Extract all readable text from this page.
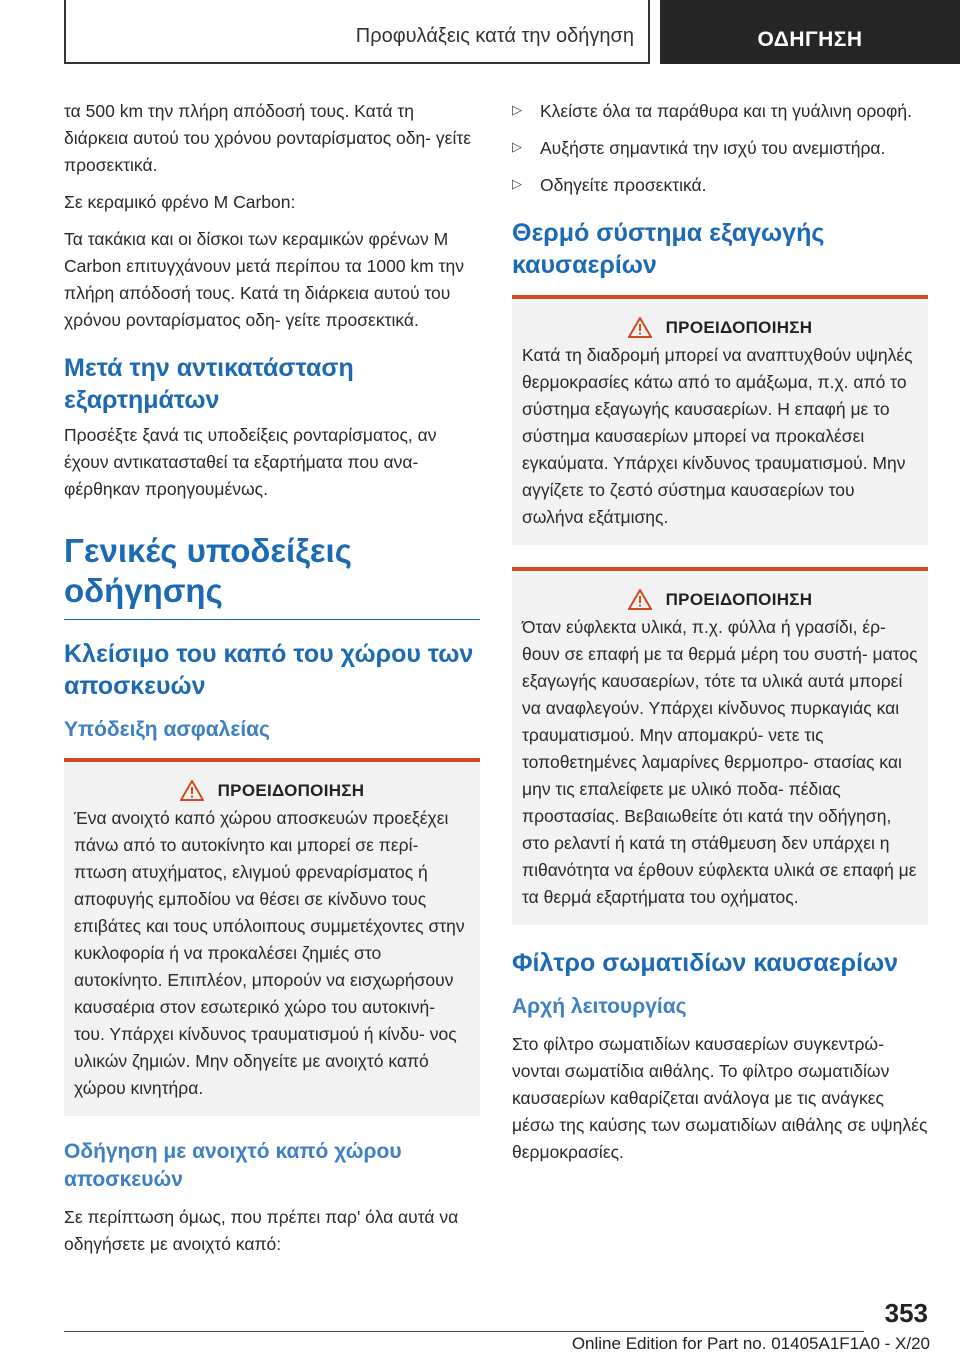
Προφυλάξεις κατά την οδήγηση	ΟΔΗΓΗΣΗ

τα 500 km την πλήρη απόδοσή τους. Κατά τη διάρκεια αυτού του χρόνου ρονταρίσματος οδη‐ γείτε προσεκτικά.

Σε κεραμικό φρένο M Carbon:

Τα τακάκια και οι δίσκοι των κεραμικών φρένων M Carbon επιτυγχάνουν μετά περίπου τα 1000 km την πλήρη απόδοσή τους. Κατά τη διάρκεια αυτού του χρόνου ρονταρίσματος οδη‐ γείτε προσεκτικά.

Μετά την αντικατάσταση εξαρτημάτων

Προσέξτε ξανά τις υποδείξεις ρονταρίσματος, αν έχουν αντικατασταθεί τα εξαρτήματα που ανα‐ φέρθηκαν προηγουμένως.

Γενικές υποδείξεις οδήγησης
Κλείσιμο του καπό του χώρου των αποσκευών
Υπόδειξη ασφαλείας
ΠΡΟΕΙΔΟΠΟΙΗΣΗ

Ένα ανοιχτό καπό χώρου αποσκευών προεξέχει πάνω από το αυτοκίνητο και μπορεί σε περί‐ πτωση ατυχήματος, ελιγμού φρεναρίσματος ή αποφυγής εμποδίου να θέσει σε κίνδυνο τους επιβάτες και τους υπόλοιπους συμμετέχοντες στην κυκλοφορία ή να προκαλέσει ζημιές στο αυτοκίνητο. Επιπλέον, μπορούν να εισχωρήσουν καυσαέρια στον εσωτερικό χώρο του αυτοκινή‐ του. Υπάρχει κίνδυνος τραυματισμού ή κίνδυ‐ νος υλικών ζημιών. Μην οδηγείτε με ανοιχτό καπό χώρου κινητήρα.

Οδήγηση με ανοιχτό καπό χώρου αποσκευών

Σε περίπτωση όμως, που πρέπει παρ' όλα αυτά να οδηγήσετε με ανοιχτό καπό:

▷	Κλείστε όλα τα παράθυρα και τη γυάλινη οροφή.

▷	Αυξήστε σημαντικά την ισχύ του ανεμιστήρα.

▷	Οδηγείτε προσεκτικά.

Θερμό σύστημα εξαγωγής καυσαερίων
ΠΡΟΕΙΔΟΠΟΙΗΣΗ

Κατά τη διαδρομή μπορεί να αναπτυχθούν υψηλές θερμοκρασίες κάτω από το αμάξωμα, π.χ. από το σύστημα εξαγωγής καυσαερίων. Η επαφή με το σύστημα καυσαερίων μπορεί να προκαλέσει εγκαύματα. Υπάρχει κίνδυνος τραυματισμού. Μην αγγίζετε το ζεστό σύστημα καυσαερίων του σωλήνα εξάτμισης.

ΠΡΟΕΙΔΟΠΟΙΗΣΗ

Όταν εύφλεκτα υλικά, π.χ. φύλλα ή γρασίδι, έρ‐ θουν σε επαφή με τα θερμά μέρη του συστή‐ ματος εξαγωγής καυσαερίων, τότε τα υλικά αυτά μπορεί να αναφλεγούν. Υπάρχει κίνδυνος πυρκαγιάς και τραυματισμού. Μην απομακρύ‐ νετε τις τοποθετημένες λαμαρίνες θερμοπρο‐ στασίας και μην τις επαλείφετε με υλικό ποδα‐ πέδιας προστασίας. Βεβαιωθείτε ότι κατά την οδήγηση, στο ρελαντί ή κατά τη στάθμευση δεν υπάρχει η πιθανότητα να έρθουν εύφλεκτα υλικά σε επαφή με τα θερμά εξαρτήματα του οχήματος.

Φίλτρο σωματιδίων καυσαερίων
Αρχή λειτουργίας

Στο φίλτρο σωματιδίων καυσαερίων συγκεντρώ‐ νονται σωματίδια αιθάλης. Το φίλτρο σωματιδίων καυσαερίων καθαρίζεται ανάλογα με τις ανάγκες μέσω της καύσης των σωματιδίων αιθάλης σε υψηλές θερμοκρασίες.

353
Online Edition for Part no. 01405A1F1A0 - X/20
